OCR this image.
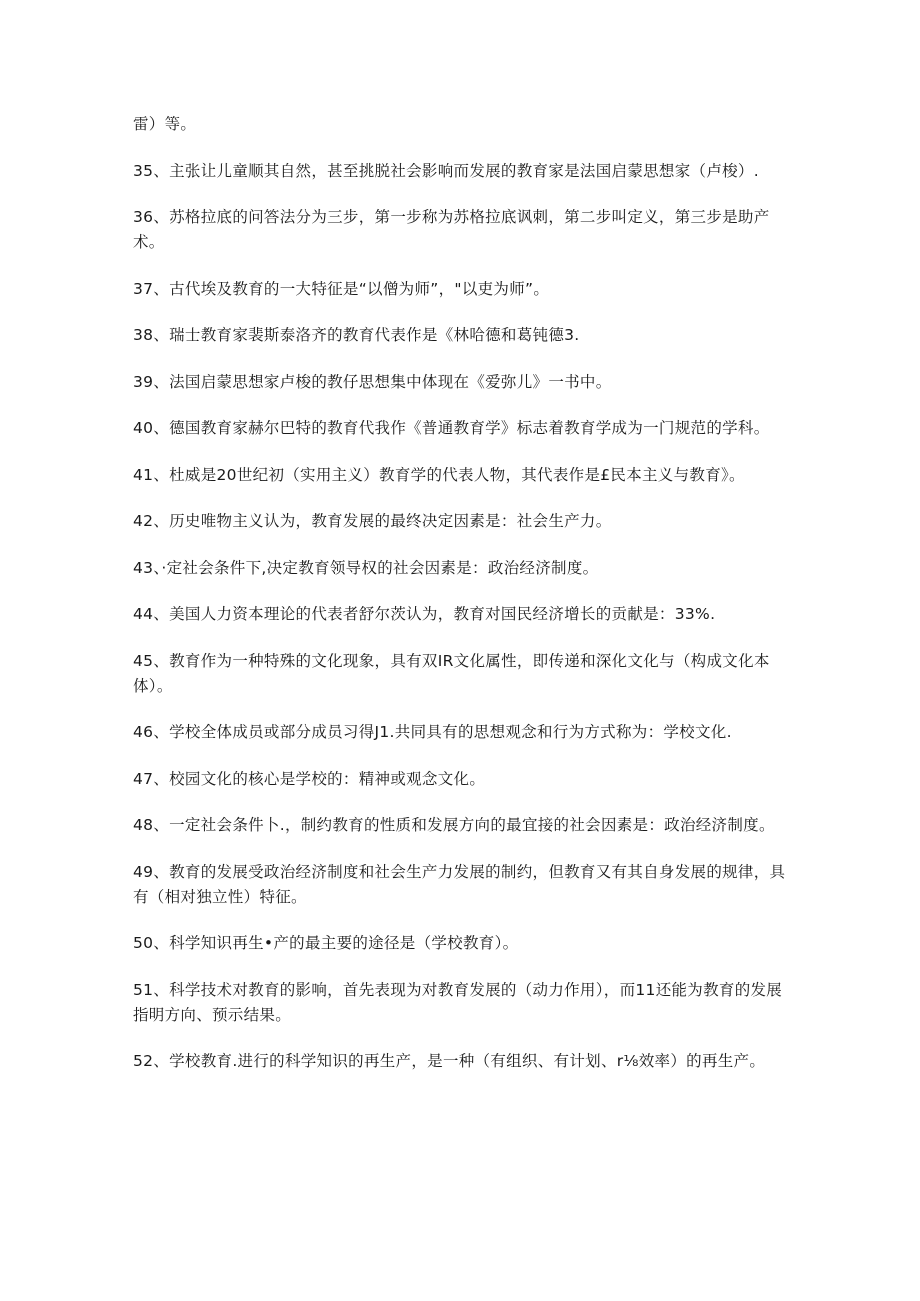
雷）等。

35、主张让儿童顺其自然，甚至挑脱社会影响而发展的教育家是法国启蒙思想家（卢梭）.

36、苏格拉底的问答法分为三步，第一步称为苏格拉底讽刺，第二步叫定义，第三步是助产术。

37、古代埃及教育的一大特征是“以僧为师”，"以吏为师”。

38、瑞士教育家裴斯泰洛齐的教育代表作是《林哈德和葛钝德3.

39、法国启蒙思想家卢梭的教仔思想集中体现在《爱弥儿》一书中。

40、德国教育家赫尔巴特的教育代我作《普通教育学》标志着教育学成为一门规范的学科。

41、杜威是20世纪初（实用主义）教育学的代表人物，其代表作是£民本主义与教育》。

42、历史唯物主义认为，教育发展的最终决定因素是：社会生产力。

43、·定社会条件下,决定教育领导权的社会因素是：政治经济制度。

44、美国人力资本理论的代表者舒尔茨认为，教育对国民经济增长的贡献是：33%.

45、教育作为一种特殊的文化现象，具有双IR文化属性，即传递和深化文化与（构成文化本体）。

46、学校全体成员或部分成员习得J1.共同具有的思想观念和行为方式称为：学校文化.

47、校园文化的核心是学校的：精神或观念文化。

48、一定社会条件卜.，制约教育的性质和发展方向的最宜接的社会因素是：政治经济制度。

49、教育的发展受政治经济制度和社会生产力发展的制约，但教育又有其自身发展的规律，具有（相对独立性）特征。

50、科学知识再生•产的最主要的途径是（学校教育）。

51、科学技术对教育的影响，首先表现为对教育发展的（动力作用），而11还能为教育的发展指明方向、预示结果。

52、学校教育.进行的科学知识的再生产，是一种（有组织、有计划、r⅛效率）的再生产。
